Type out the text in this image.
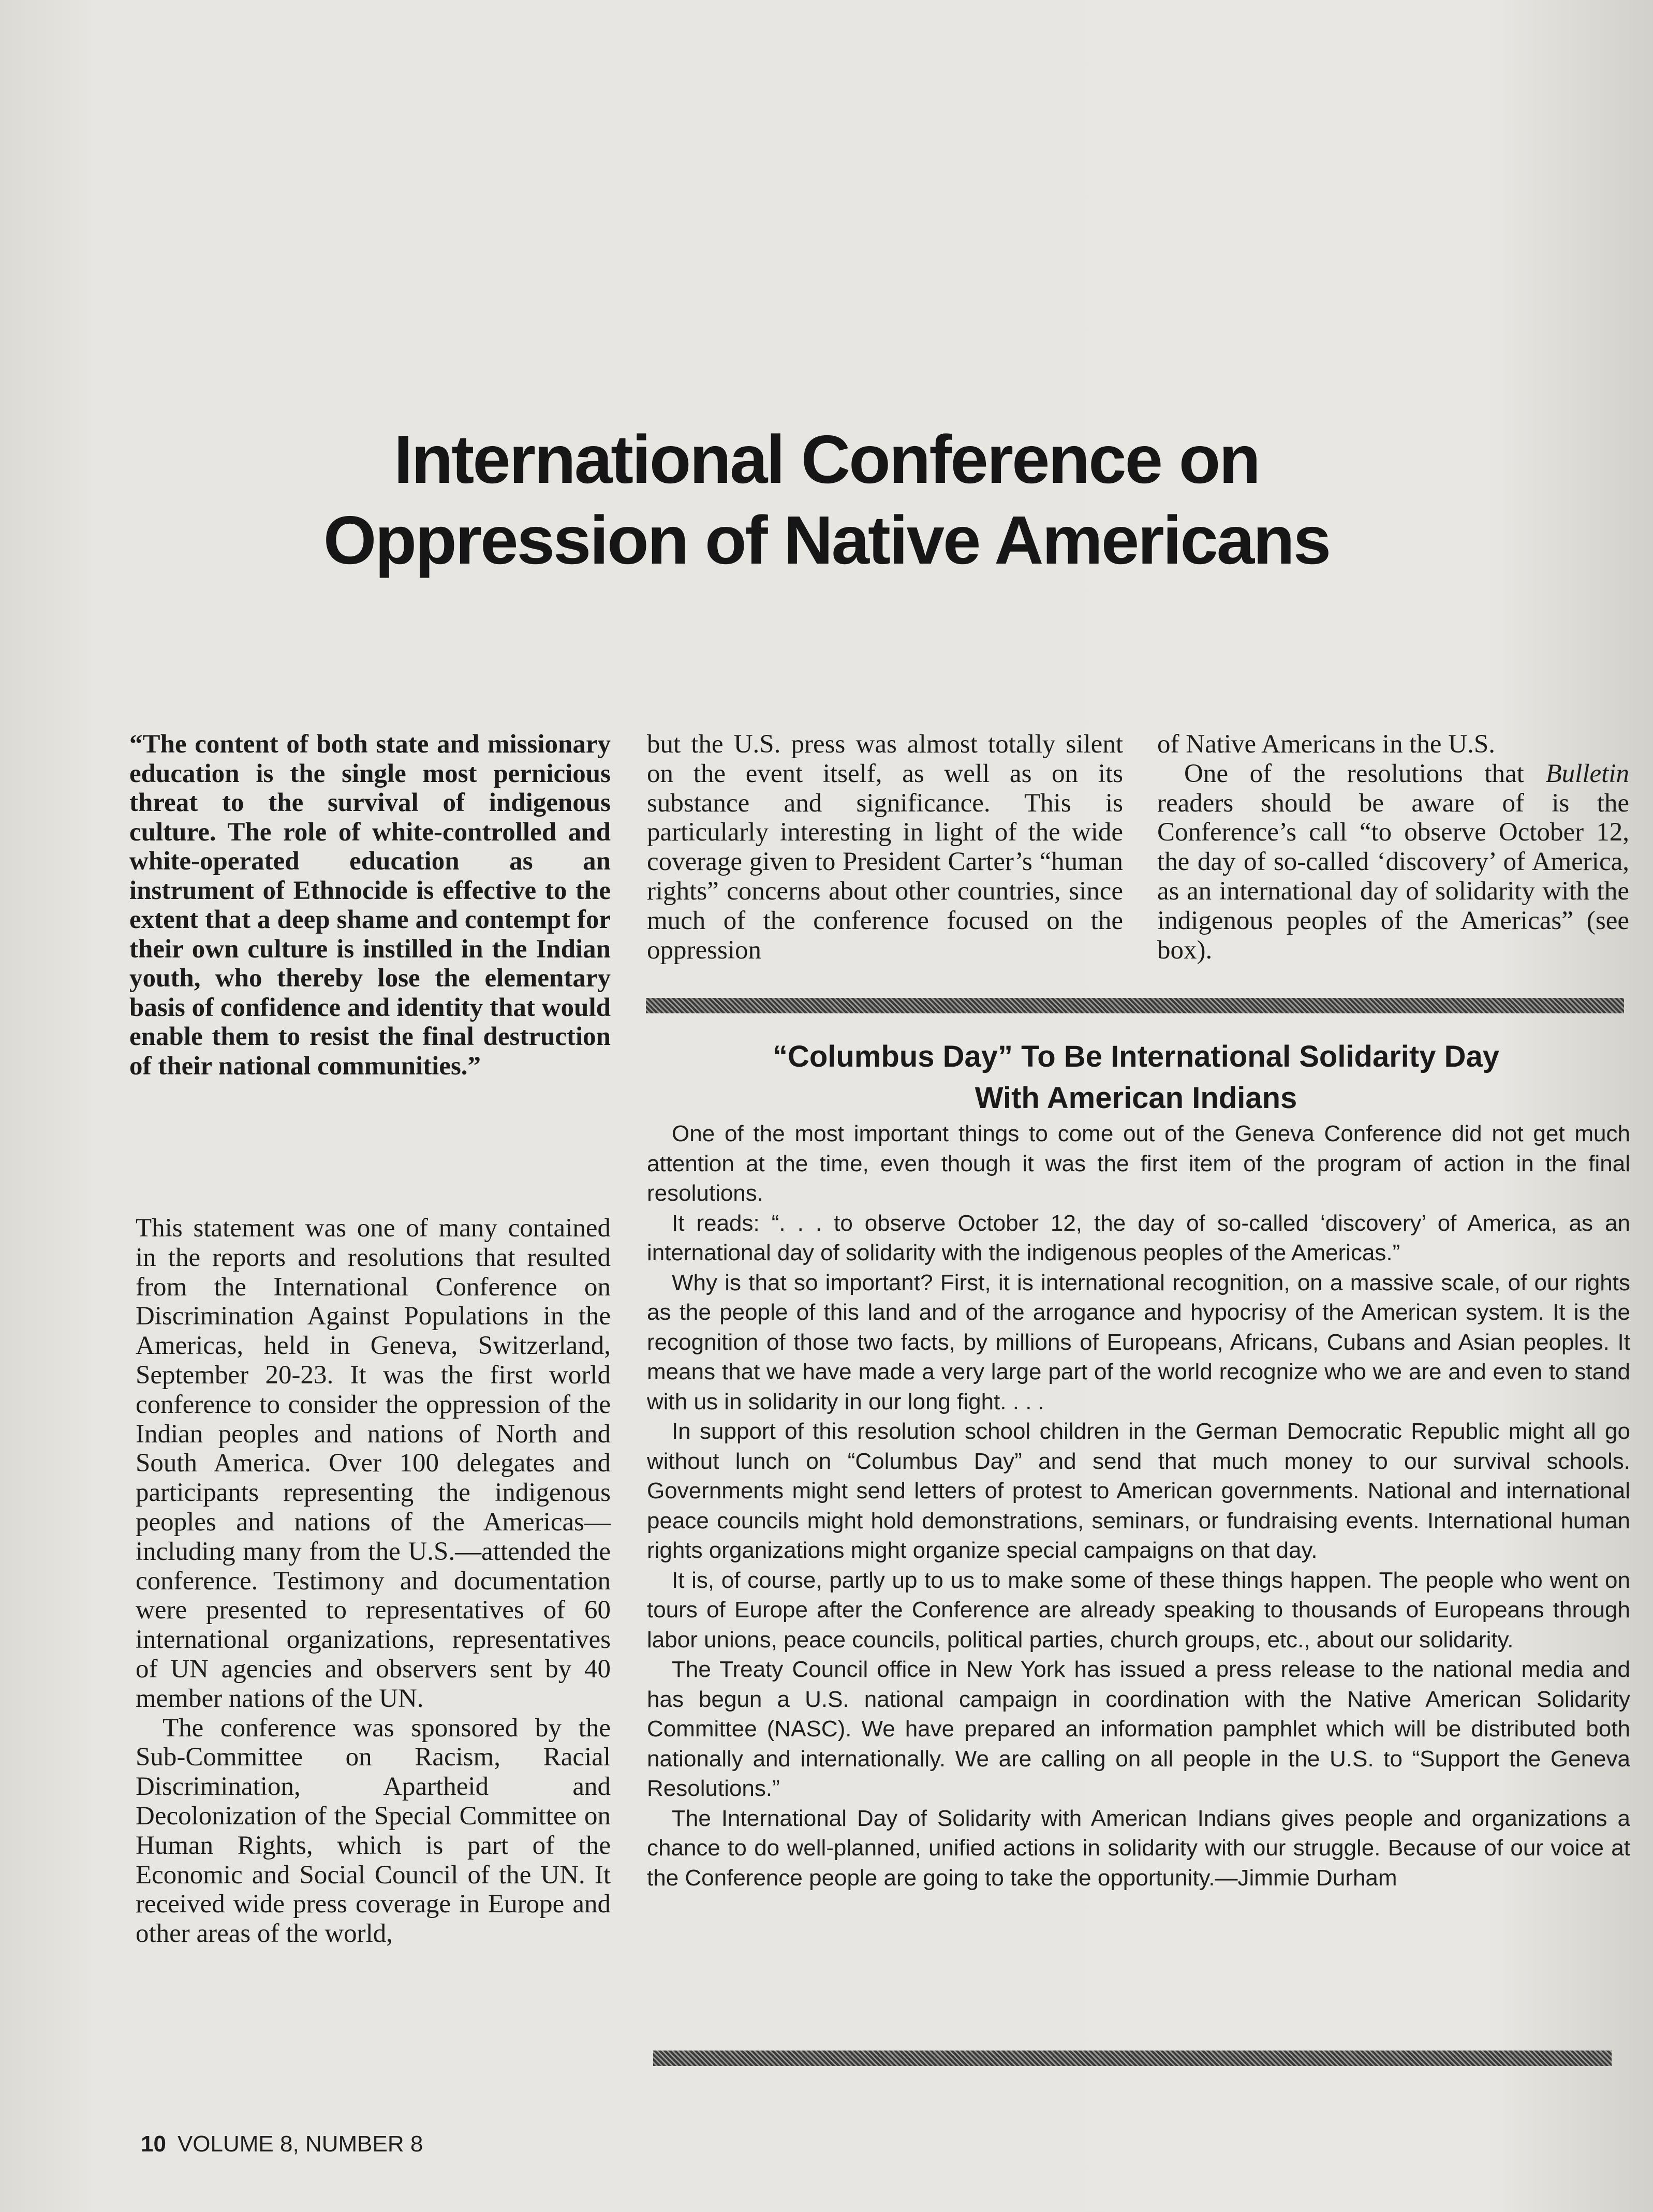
International Conference on
Oppression of Native Americans

“The content of both state and missionary education is the single most pernicious threat to the survival of indigenous culture. The role of white-controlled and white-operated education as an instrument of Ethnocide is effective to the extent that a deep shame and contempt for their own culture is instilled in the Indian youth, who thereby lose the elementary basis of confidence and identity that would enable them to resist the final destruction of their national communities.”

This statement was one of many contained in the reports and resolutions that resulted from the International Conference on Discrimination Against Populations in the Americas, held in Geneva, Switzerland, September 20-23. It was the first world conference to consider the oppression of the Indian peoples and nations of North and South America. Over 100 delegates and participants representing the indigenous peoples and nations of the Americas—including many from the U.S.—attended the conference. Testimony and documentation were presented to representatives of 60 international organizations, representatives of UN agencies and observers sent by 40 member nations of the UN.

The conference was sponsored by the Sub-Committee on Racism, Racial Discrimination, Apartheid and Decolonization of the Special Committee on Human Rights, which is part of the Economic and Social Council of the UN. It received wide press coverage in Europe and other areas of the world,

but the U.S. press was almost totally silent on the event itself, as well as on its substance and significance. This is particularly interesting in light of the wide coverage given to President Carter’s “human rights” concerns about other countries, since much of the conference focused on the oppression

of Native Americans in the U.S.

One of the resolutions that Bulletin readers should be aware of is the Conference’s call “to observe October 12, the day of so-called ‘discovery’ of America, as an international day of solidarity with the indigenous peoples of the Americas” (see box).

“Columbus Day” To Be International Solidarity Day
With American Indians

One of the most important things to come out of the Geneva Conference did not get much attention at the time, even though it was the first item of the program of action in the final resolutions.

It reads: “. . . to observe October 12, the day of so-called ‘discovery’ of America, as an international day of solidarity with the indigenous peoples of the Americas.”

Why is that so important? First, it is international recognition, on a massive scale, of our rights as the people of this land and of the arrogance and hypocrisy of the American system. It is the recognition of those two facts, by millions of Europeans, Africans, Cubans and Asian peoples. It means that we have made a very large part of the world recognize who we are and even to stand with us in solidarity in our long fight. . . .

In support of this resolution school children in the German Democratic Republic might all go without lunch on “Columbus Day” and send that much money to our survival schools. Governments might send letters of protest to American governments. National and international peace councils might hold demonstrations, seminars, or fundraising events. International human rights organizations might organize special campaigns on that day.

It is, of course, partly up to us to make some of these things happen. The people who went on tours of Europe after the Conference are already speaking to thousands of Europeans through labor unions, peace councils, political parties, church groups, etc., about our solidarity.

The Treaty Council office in New York has issued a press release to the national media and has begun a U.S. national campaign in coordination with the Native American Solidarity Committee (NASC). We have prepared an information pamphlet which will be distributed both nationally and internationally. We are calling on all people in the U.S. to “Support the Geneva Resolutions.”

The International Day of Solidarity with American Indians gives people and organizations a chance to do well-planned, unified actions in solidarity with our struggle. Because of our voice at the Conference people are going to take the opportunity.—Jimmie Durham

10 VOLUME 8, NUMBER 8
